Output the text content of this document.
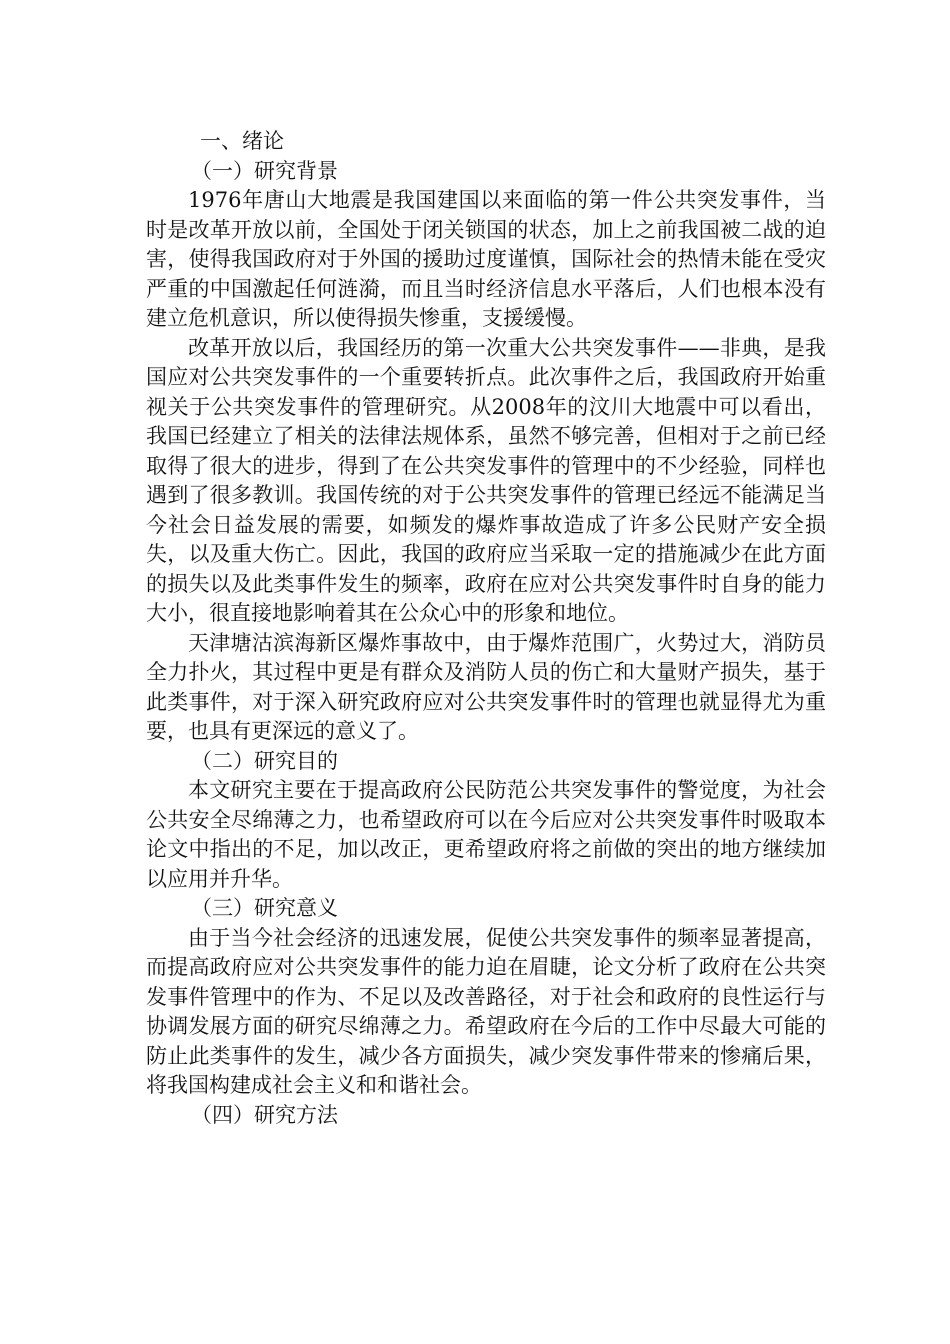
一、绪论
（一）研究背景

1976年唐山大地震是我国建国以来面临的第一件公共突发事件，当时是改革开放以前，全国处于闭关锁国的状态，加上之前我国被二战的迫害，使得我国政府对于外国的援助过度谨慎，国际社会的热情未能在受灾严重的中国激起任何涟漪，而且当时经济信息水平落后，人们也根本没有建立危机意识，所以使得损失惨重，支援缓慢。

改革开放以后，我国经历的第一次重大公共突发事件——非典，是我国应对公共突发事件的一个重要转折点。此次事件之后，我国政府开始重视关于公共突发事件的管理研究。从2008年的汶川大地震中可以看出，我国已经建立了相关的法律法规体系，虽然不够完善，但相对于之前已经取得了很大的进步，得到了在公共突发事件的管理中的不少经验，同样也遇到了很多教训。我国传统的对于公共突发事件的管理已经远不能满足当今社会日益发展的需要，如频发的爆炸事故造成了许多公民财产安全损失，以及重大伤亡。因此，我国的政府应当采取一定的措施减少在此方面的损失以及此类事件发生的频率，政府在应对公共突发事件时自身的能力大小，很直接地影响着其在公众心中的形象和地位。

天津塘沽滨海新区爆炸事故中，由于爆炸范围广，火势过大，消防员全力扑火，其过程中更是有群众及消防人员的伤亡和大量财产损失，基于此类事件，对于深入研究政府应对公共突发事件时的管理也就显得尤为重要，也具有更深远的意义了。

（二）研究目的

本文研究主要在于提高政府公民防范公共突发事件的警觉度，为社会公共安全尽绵薄之力，也希望政府可以在今后应对公共突发事件时吸取本论文中指出的不足，加以改正，更希望政府将之前做的突出的地方继续加以应用并升华。

（三）研究意义

由于当今社会经济的迅速发展，促使公共突发事件的频率显著提高，而提高政府应对公共突发事件的能力迫在眉睫，论文分析了政府在公共突发事件管理中的作为、不足以及改善路径，对于社会和政府的良性运行与协调发展方面的研究尽绵薄之力。希望政府在今后的工作中尽最大可能的防止此类事件的发生，减少各方面损失，减少突发事件带来的惨痛后果，将我国构建成社会主义和和谐社会。

（四）研究方法
